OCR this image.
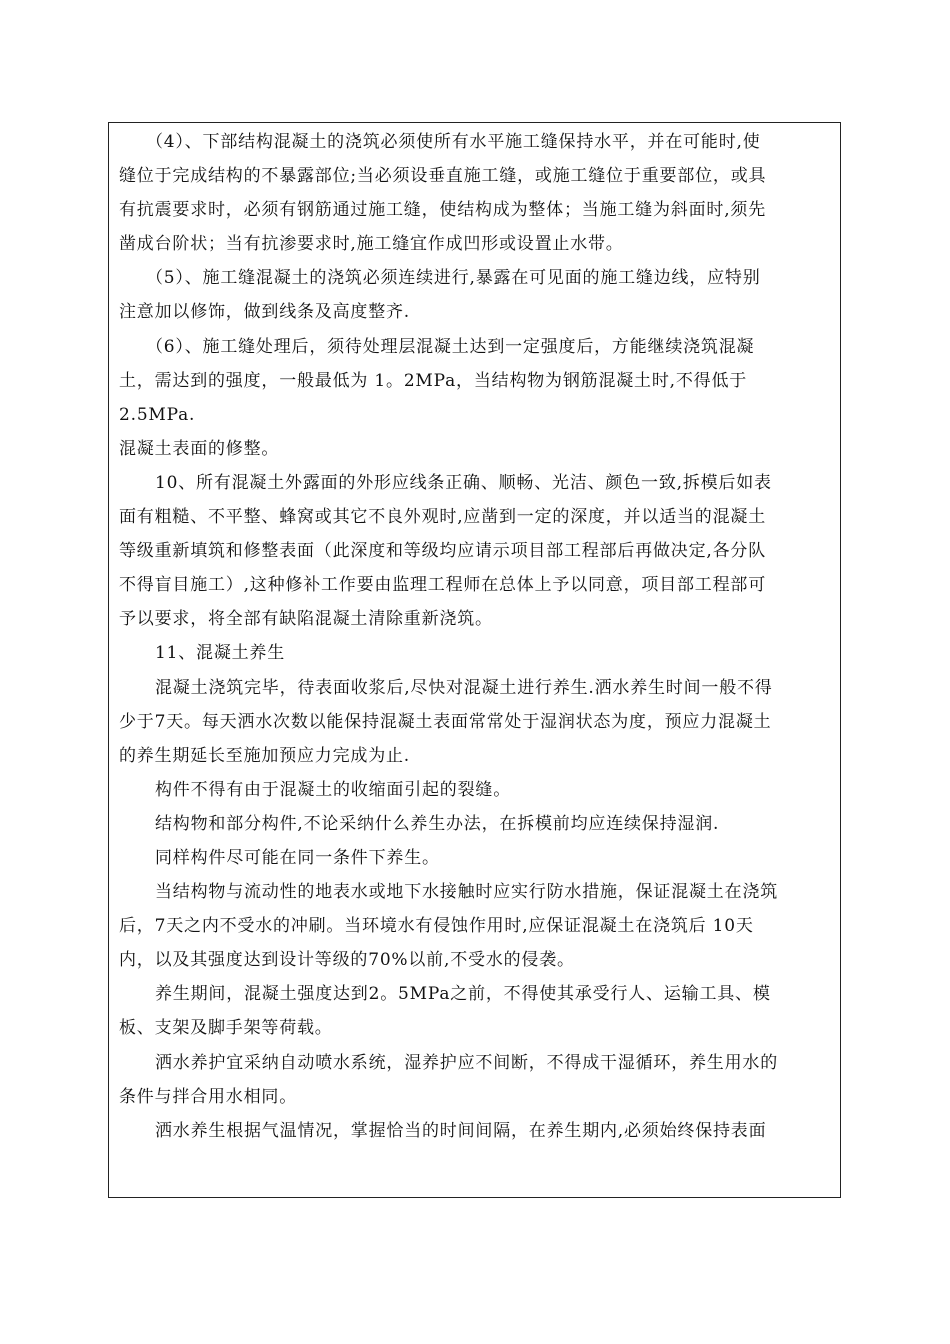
（4）、下部结构混凝土的浇筑必须使所有水平施工缝保持水平，并在可能时,使
缝位于完成结构的不暴露部位;当必须设垂直施工缝，或施工缝位于重要部位，或具
有抗震要求时，必须有钢筋通过施工缝，使结构成为整体；当施工缝为斜面时,须先
凿成台阶状；当有抗渗要求时,施工缝宜作成凹形或设置止水带。
（5）、施工缝混凝土的浇筑必须连续进行,暴露在可见面的施工缝边线，应特别
注意加以修饰，做到线条及高度整齐.
（6）、施工缝处理后，须待处理层混凝土达到一定强度后，方能继续浇筑混凝
土，需达到的强度，一般最低为 1。2MPa，当结构物为钢筋混凝土时,不得低于
2.5MPa.
混凝土表面的修整。
10、所有混凝土外露面的外形应线条正确、顺畅、光洁、颜色一致,拆模后如表
面有粗糙、不平整、蜂窝或其它不良外观时,应凿到一定的深度，并以适当的混凝土
等级重新填筑和修整表面（此深度和等级均应请示项目部工程部后再做决定,各分队
不得盲目施工）,这种修补工作要由监理工程师在总体上予以同意，项目部工程部可
予以要求，将全部有缺陷混凝土清除重新浇筑。
11、混凝土养生
混凝土浇筑完毕，待表面收浆后,尽快对混凝土进行养生.洒水养生时间一般不得
少于7天。每天洒水次数以能保持混凝土表面常常处于湿润状态为度，预应力混凝土
的养生期延长至施加预应力完成为止.
构件不得有由于混凝土的收缩面引起的裂缝。
结构物和部分构件,不论采纳什么养生办法，在拆模前均应连续保持湿润.
同样构件尽可能在同一条件下养生。
当结构物与流动性的地表水或地下水接触时应实行防水措施，保证混凝土在浇筑
后，7天之内不受水的冲刷。当环境水有侵蚀作用时,应保证混凝土在浇筑后 10天
内，以及其强度达到设计等级的70%以前,不受水的侵袭。
养生期间，混凝土强度达到2。5MPa之前，不得使其承受行人、运输工具、模
板、支架及脚手架等荷载。
洒水养护宜采纳自动喷水系统，湿养护应不间断，不得成干湿循环，养生用水的
条件与拌合用水相同。
洒水养生根据气温情况，掌握恰当的时间间隔，在养生期内,必须始终保持表面
